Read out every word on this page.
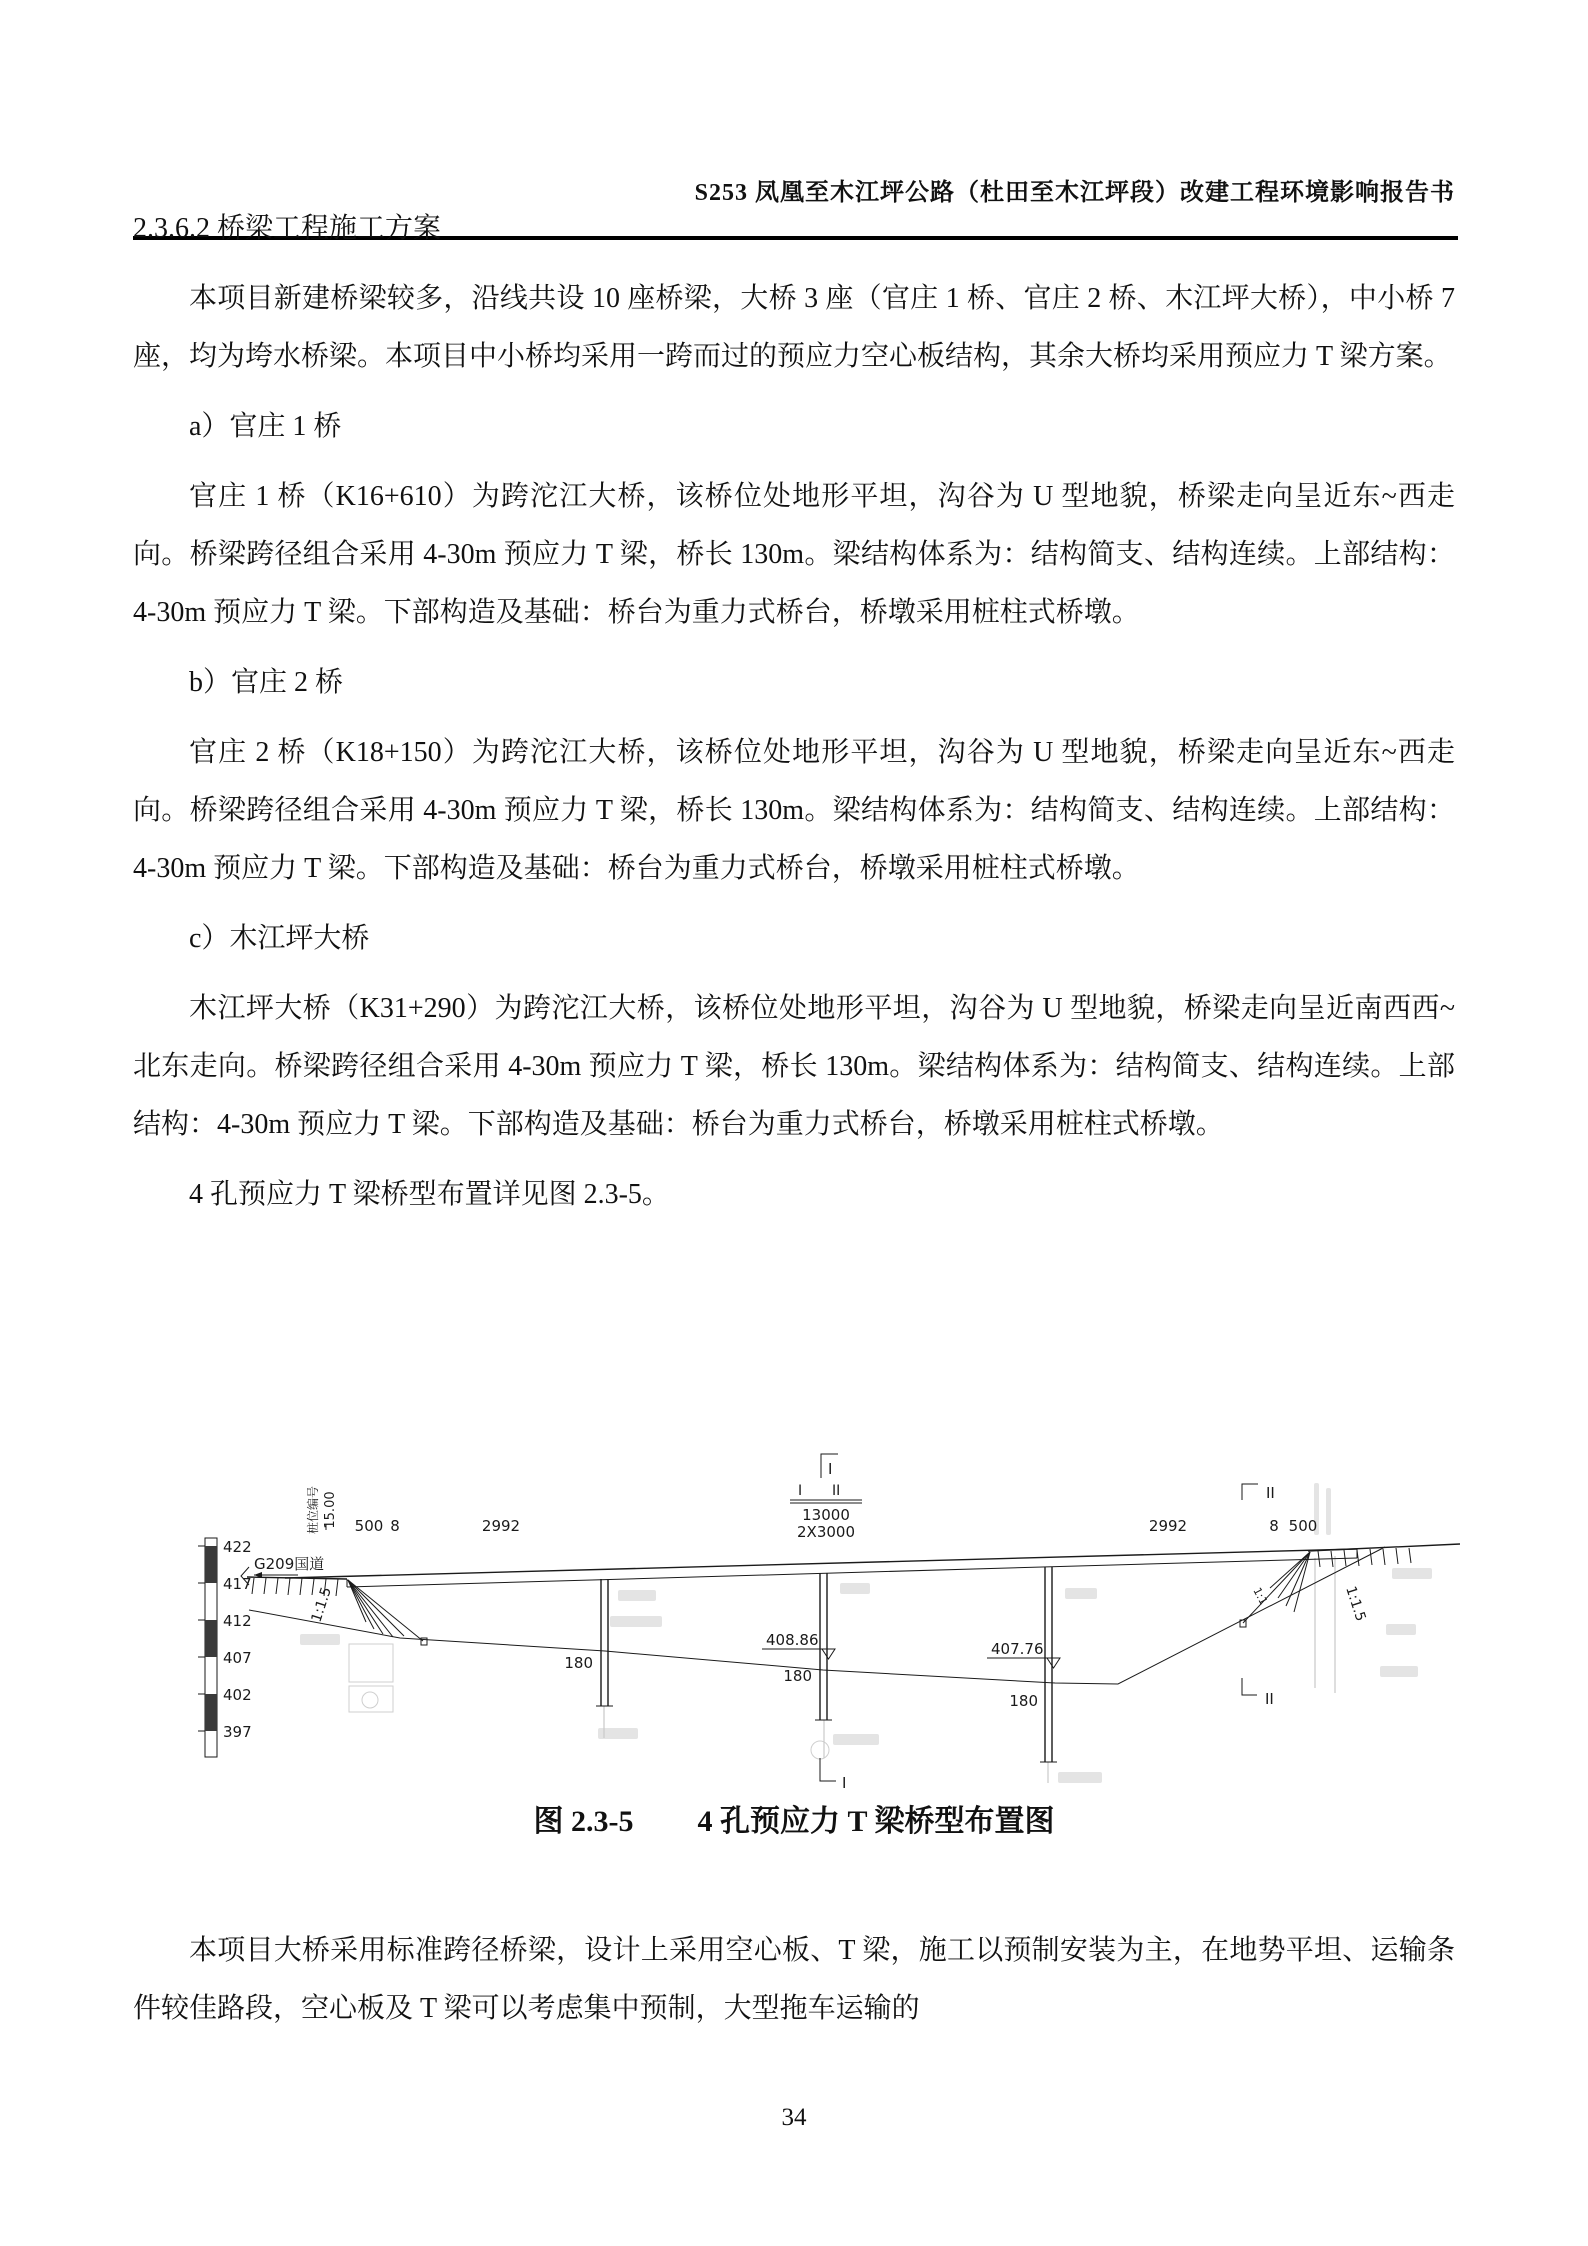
S253 凤凰至木江坪公路（杜田至木江坪段）改建工程环境影响报告书

2.3.6.2 桥梁工程施工方案

本项目新建桥梁较多，沿线共设 10 座桥梁，大桥 3 座（官庄 1 桥、官庄 2 桥、木江坪大桥），中小桥 7 座，均为垮水桥梁。本项目中小桥均采用一跨而过的预应力空心板结构，其余大桥均采用预应力 T 梁方案。

a）官庄 1 桥

官庄 1 桥（K16+610）为跨沱江大桥，该桥位处地形平坦，沟谷为 U 型地貌，桥梁走向呈近东~西走向。桥梁跨径组合采用 4-30m 预应力 T 梁，桥长 130m。梁结构体系为：结构简支、结构连续。上部结构：4-30m 预应力 T 梁。下部构造及基础：桥台为重力式桥台，桥墩采用桩柱式桥墩。

b）官庄 2 桥

官庄 2 桥（K18+150）为跨沱江大桥，该桥位处地形平坦，沟谷为 U 型地貌，桥梁走向呈近东~西走向。桥梁跨径组合采用 4-30m 预应力 T 梁，桥长 130m。梁结构体系为：结构简支、结构连续。上部结构：4-30m 预应力 T 梁。下部构造及基础：桥台为重力式桥台，桥墩采用桩柱式桥墩。

c）木江坪大桥

木江坪大桥（K31+290）为跨沱江大桥，该桥位处地形平坦，沟谷为 U 型地貌，桥梁走向呈近南西西~北东走向。桥梁跨径组合采用 4-30m 预应力 T 梁，桥长 130m。梁结构体系为：结构简支、结构连续。上部结构：4-30m 预应力 T 梁。下部构造及基础：桥台为重力式桥台，桥墩采用桩柱式桥墩。

4 孔预应力 T 梁桥型布置详见图 2.3-5。

422
417
412
407
402
397
桩位编号 15.00 500 8	2992	2992	8 500
I
I II
13000
2X3000
I
II
II
G209国道
1:1.5
180
180
180
408.86	407.76
1:1.5
1:1
图 2.3-5 4 孔预应力 T 梁桥型布置图
本项目大桥采用标准跨径桥梁，设计上采用空心板、T 梁，施工以预制安装为主，在地势平坦、运输条件较佳路段，空心板及 T 梁可以考虑集中预制，大型拖车运输的
34
